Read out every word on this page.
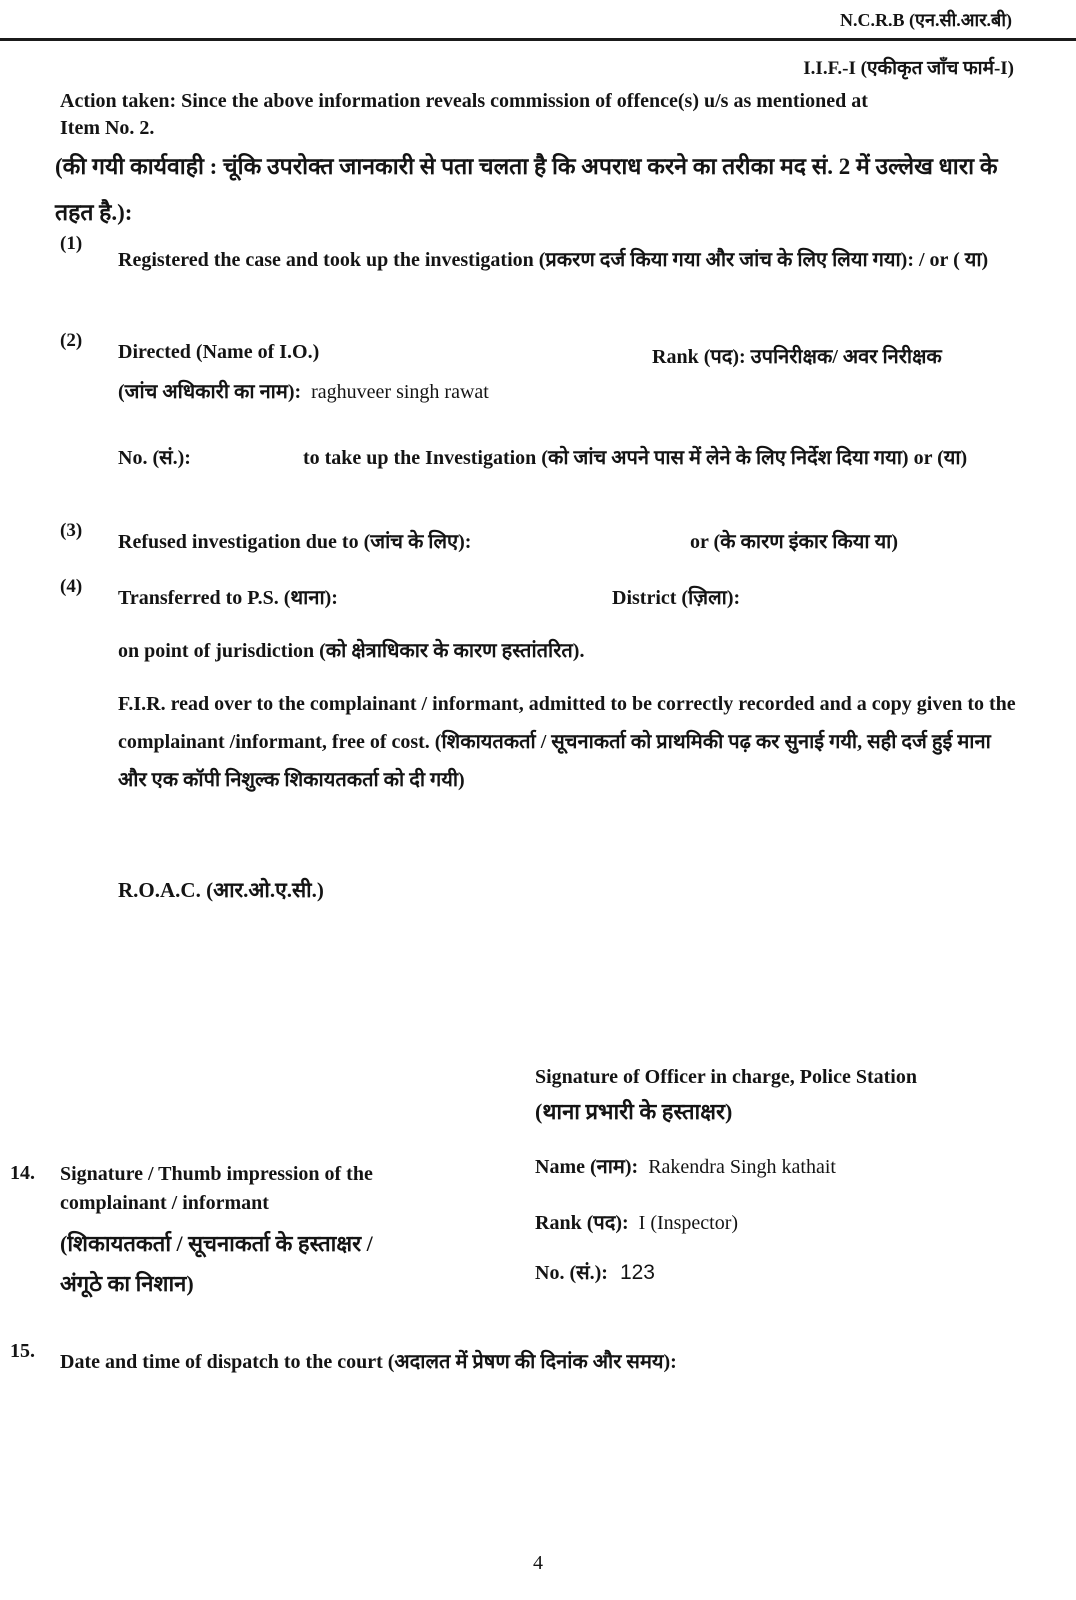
N.C.R.B (एन.सी.आर.बी)
I.I.F.-I (एकीकृत जाँच फार्म-I)
Action taken: Since the above information reveals commission of offence(s) u/s as mentioned at Item No. 2.
(की गयी कार्यवाही : चूंकि उपरोक्त जानकारी से पता चलता है कि अपराध करने का तरीका मद सं. 2 में उल्लेख धारा के तहत है.):
(1)
Registered the case and took up the investigation (प्रकरण दर्ज किया गया और जांच के लिए लिया गया): / or ( या)
(2)
Directed (Name of I.O.)
(जांच अधिकारी का नाम): raghuveer singh rawat
Rank (पद): उपनिरीक्षक/ अवर निरीक्षक
No. (सं.):	to take up the Investigation (को जांच अपने पास में लेने के लिए निर्देश दिया गया) or (या)
(3)
Refused investigation due to (जांच के लिए):	or (के कारण इंकार किया या)
(4)
Transferred to P.S. (थाना):	District (ज़िला):
on point of jurisdiction (को क्षेत्राधिकार के कारण हस्तांतरित).
F.I.R. read over to the complainant / informant, admitted to be correctly recorded and a copy given to the complainant /informant, free of cost. (शिकायतकर्ता / सूचनाकर्ता को प्राथमिकी पढ़ कर सुनाई गयी, सही दर्ज हुई माना और एक कॉपी निशुल्क शिकायतकर्ता को दी गयी)
R.O.A.C. (आर.ओ.ए.सी.)
Signature of Officer in charge, Police Station
(थाना प्रभारी के हस्ताक्षर)
14. Signature / Thumb impression of the complainant / informant
(शिकायतकर्ता / सूचनाकर्ता के हस्ताक्षर /अंगूठे का निशान)
Name (नाम): Rakendra Singh kathait
Rank (पद): I (Inspector)
No. (सं.): 123
15. Date and time of dispatch to the court (अदालत में प्रेषण की दिनांक और समय):
4
